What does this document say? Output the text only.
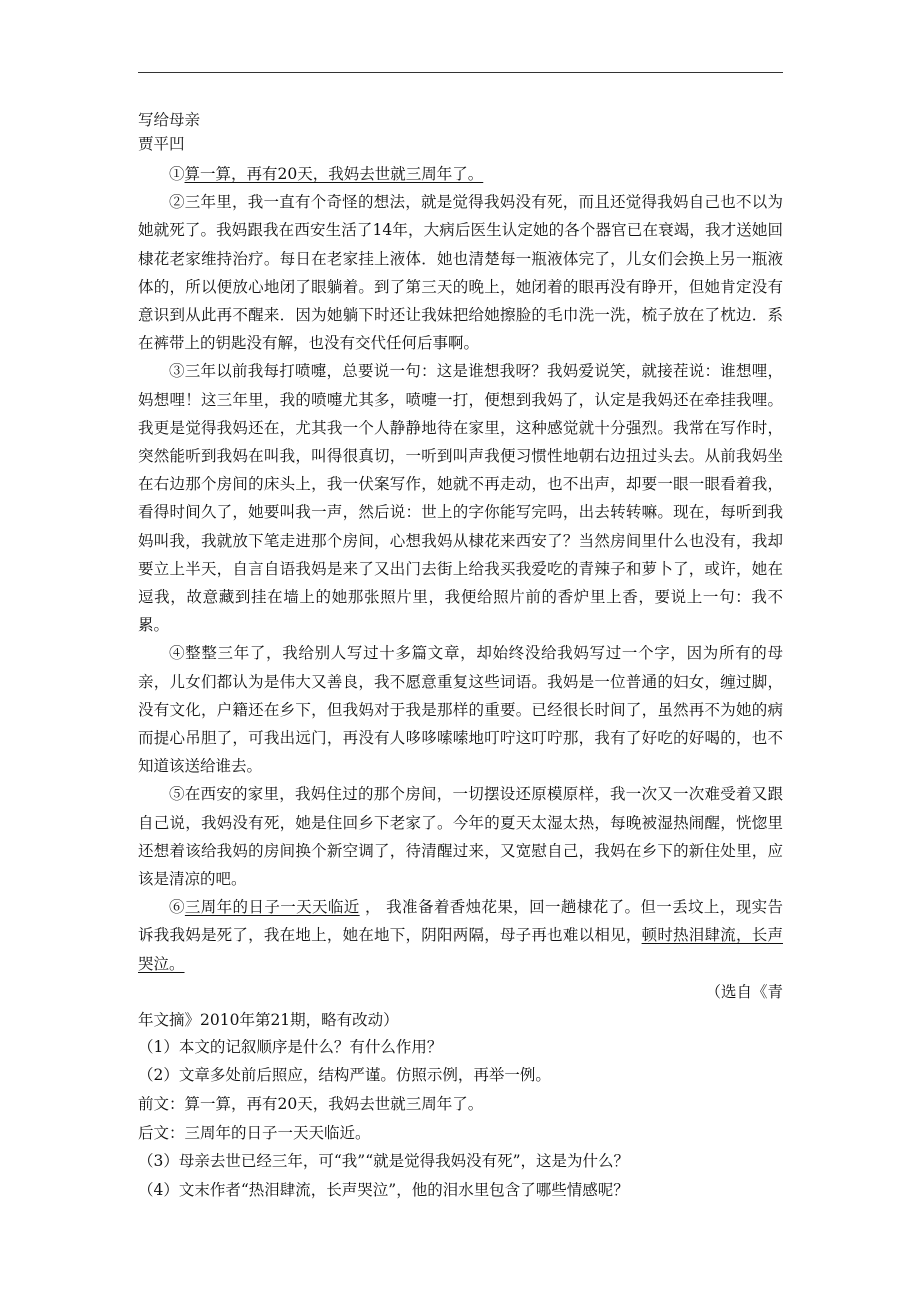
写给母亲

贾平凹

①算一算，再有20天，我妈去世就三周年了。

②三年里，我一直有个奇怪的想法，就是觉得我妈没有死，而且还觉得我妈自己也不以为她就死了。我妈跟我在西安生活了14年，大病后医生认定她的各个器官已在衰竭，我才送她回棣花老家维持治疗。每日在老家挂上液体．她也清楚每一瓶液体完了，儿女们会换上另一瓶液体的，所以便放心地闭了眼躺着。到了第三天的晚上，她闭着的眼再没有睁开，但她肯定没有意识到从此再不醒来．因为她躺下时还让我妹把给她擦脸的毛巾洗一洗，梳子放在了枕边．系在裤带上的钥匙没有解，也没有交代任何后事啊。

③三年以前我每打喷嚏，总要说一句：这是谁想我呀？我妈爱说笑，就接茬说：谁想哩，妈想哩！这三年里，我的喷嚏尤其多，喷嚏一打，便想到我妈了，认定是我妈还在牵挂我哩。我更是觉得我妈还在，尤其我一个人静静地待在家里，这种感觉就十分强烈。我常在写作时，突然能听到我妈在叫我，叫得很真切，一听到叫声我便习惯性地朝右边扭过头去。从前我妈坐在右边那个房间的床头上，我一伏案写作，她就不再走动，也不出声，却要一眼一眼看着我，看得时间久了，她要叫我一声，然后说：世上的字你能写完吗，出去转转嘛。现在，每听到我妈叫我，我就放下笔走进那个房间，心想我妈从棣花来西安了？当然房间里什么也没有，我却要立上半天，自言自语我妈是来了又出门去街上给我买我爱吃的青辣子和萝卜了，或许，她在逗我，故意藏到挂在墙上的她那张照片里，我便给照片前的香炉里上香，要说上一句：我不累。

④整整三年了，我给别人写过十多篇文章，却始终没给我妈写过一个字，因为所有的母亲，儿女们都认为是伟大又善良，我不愿意重复这些词语。我妈是一位普通的妇女，缠过脚，没有文化，户籍还在乡下，但我妈对于我是那样的重要。已经很长时间了，虽然再不为她的病而提心吊胆了，可我出远门，再没有人哆哆嗦嗦地叮咛这叮咛那，我有了好吃的好喝的，也不知道该送给谁去。

⑤在西安的家里，我妈住过的那个房间，一切摆设还原模原样，我一次又一次难受着又跟自己说，我妈没有死，她是住回乡下老家了。今年的夏天太湿太热，每晚被湿热闹醒，恍惚里还想着该给我妈的房间换个新空调了，待清醒过来，又宽慰自己，我妈在乡下的新住处里，应该是清凉的吧。

⑥三周年的日子一天天临近 ， 我准备着香烛花果，回一趟棣花了。但一丢坟上，现实告诉我我妈是死了，我在地上，她在地下，阴阳两隔，母子再也难以相见，顿时热泪肆流，长声哭泣。

（选自《青

年文摘》2010年第21期，略有改动）

（1）本文的记叙顺序是什么？有什么作用？

（2）文章多处前后照应，结构严谨。仿照示例，再举一例。

前文：算一算，再有20天，我妈去世就三周年了。

后文：三周年的日子一天天临近。

（3）母亲去世已经三年，可“我”“就是觉得我妈没有死”，这是为什么？

（4）文末作者“热泪肆流，长声哭泣”，他的泪水里包含了哪些情感呢？
